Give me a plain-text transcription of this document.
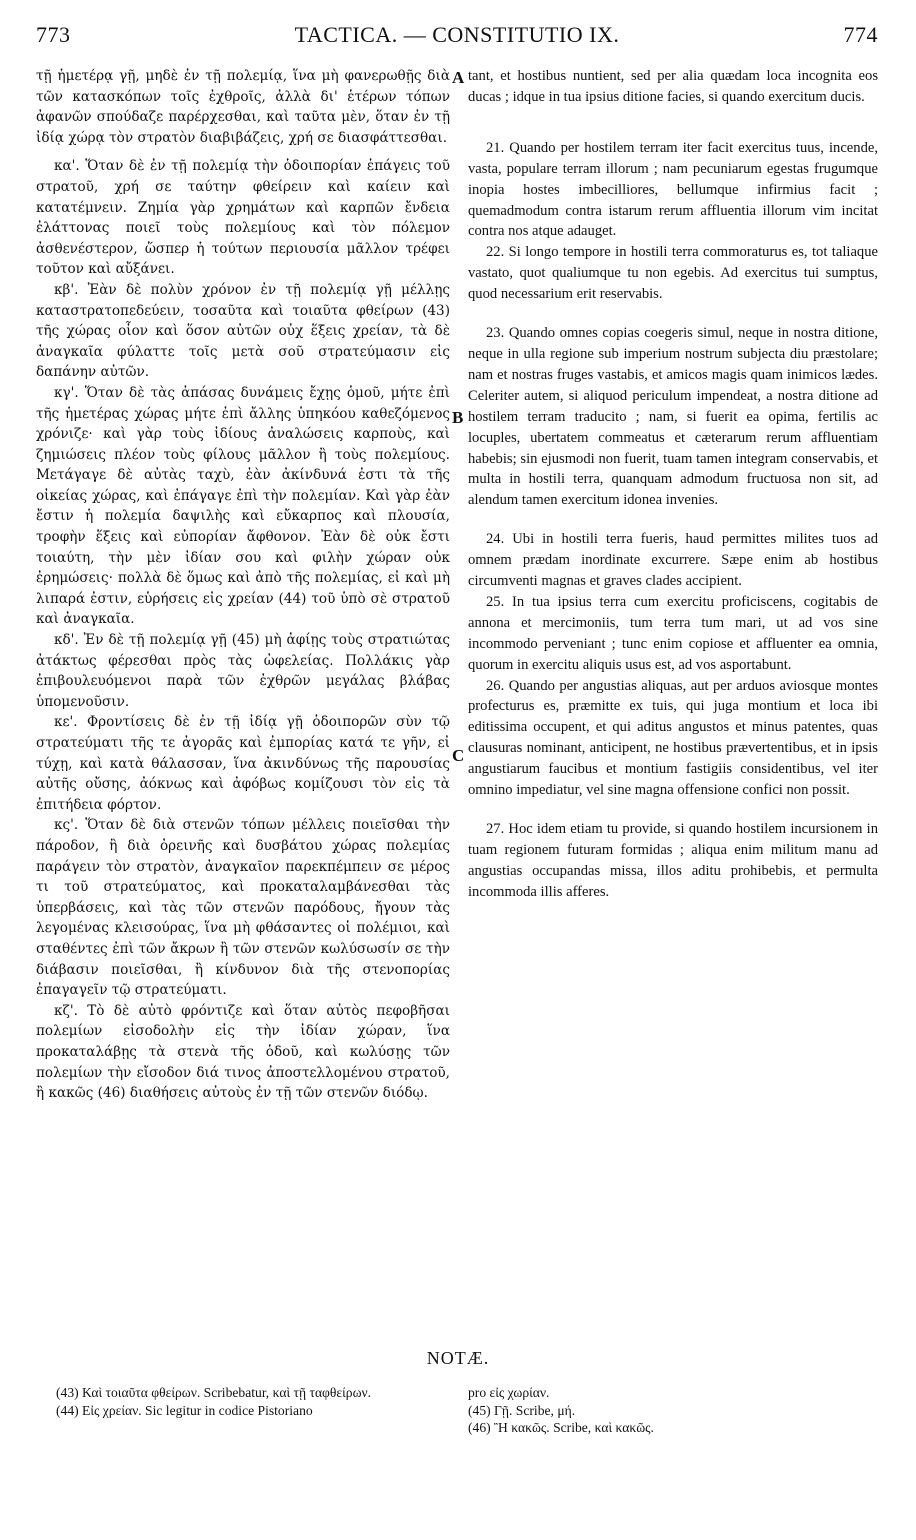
773	TACTICA. — CONSTITUTIO IX.	774
A
B
C

τῇ ἡμετέρᾳ γῇ, μηδὲ ἐν τῇ πολεμίᾳ, ἵνα μὴ φανερωθῇς διὰ τῶν κατασκόπων τοῖς ἐχθροῖς, ἀλλὰ δι' ἑτέρων τόπων ἀφανῶν σπούδαζε παρέρχεσθαι, καὶ ταῦτα μὲν, ὅταν ἐν τῇ ἰδίᾳ χώρᾳ τὸν στρατὸν διαβιβάζεις, χρή σε διασφάττεσθαι.

κα'. Ὅταν δὲ ἐν τῇ πολεμίᾳ τὴν ὁδοιπορίαν ἐπάγεις τοῦ στρατοῦ, χρή σε ταύτην φθείρειν καὶ καίειν καὶ κατατέμνειν. Ζημία γὰρ χρημάτων καὶ καρπῶν ἔνδεια ἐλάττονας ποιεῖ τοὺς πολεμίους καὶ τὸν πόλεμον ἀσθενέστερον, ὥσπερ ἡ τούτων περιουσία μᾶλλον τρέφει τοῦτον καὶ αὔξάνει.

κβ'. Ἐὰν δὲ πολὺν χρόνον ἐν τῇ πολεμίᾳ γῇ μέλλῃς καταστρατοπεδεύειν, τοσαῦτα καὶ τοιαῦτα φθείρων (43) τῆς χώρας οἷον καὶ ὅσον αὐτῶν οὐχ ἕξεις χρείαν, τὰ δὲ ἀναγκαῖα φύλαττε τοῖς μετὰ σοῦ στρατεύμασιν εἰς δαπάνην αὐτῶν.

κγ'. Ὅταν δὲ τὰς ἁπάσας δυνάμεις ἔχῃς ὁμοῦ, μήτε ἐπὶ τῆς ἡμετέρας χώρας μήτε ἐπὶ ἄλλης ὑπηκόου καθεζόμενος χρόνιζε· καὶ γὰρ τοὺς ἰδίους ἀναλώσεις καρποὺς, καὶ ζημιώσεις πλέον τοὺς φίλους μᾶλλον ἢ τοὺς πολεμίους. Μετάγαγε δὲ αὐτὰς ταχὺ, ἐὰν ἀκίνδυνά ἐστι τὰ τῆς οἰκείας χώρας, καὶ ἐπάγαγε ἐπὶ τὴν πολεμίαν. Καὶ γὰρ ἐὰν ἔστιν ἡ πολεμία δαψιλὴς καὶ εὔκαρπος καὶ πλουσία, τροφὴν ἕξεις καὶ εὐπορίαν ἄφθονον. Ἐὰν δὲ οὐκ ἔστι τοιαύτη, τὴν μὲν ἰδίαν σου καὶ φιλὴν χώραν οὐκ ἐρημώσεις· πολλὰ δὲ ὅμως καὶ ἀπὸ τῆς πολεμίας, εἰ καὶ μὴ λιπαρά ἐστιν, εὑρήσεις εἰς χρείαν (44) τοῦ ὑπὸ σὲ στρατοῦ καὶ ἀναγκαῖα.

κδ'. Ἐν δὲ τῇ πολεμίᾳ γῇ (45) μὴ ἀφίῃς τοὺς στρατιώτας ἀτάκτως φέρεσθαι πρὸς τὰς ὠφελείας. Πολλάκις γὰρ ἐπιβουλευόμενοι παρὰ τῶν ἐχθρῶν μεγάλας βλάβας ὑπομενοῦσιν.

κε'. Φροντίσεις δὲ ἐν τῇ ἰδίᾳ γῇ ὁδοιπορῶν σὺν τῷ στρατεύματι τῆς τε ἀγορᾶς καὶ ἐμπορίας κατά τε γῆν, εἰ τύχῃ, καὶ κατὰ θάλασσαν, ἵνα ἀκινδύνως τῆς παρουσίας αὐτῆς οὔσης, ἀόκνως καὶ ἀφόβως κομίζουσι τὸν εἰς τὰ ἐπιτήδεια φόρτον.

κς'. Ὅταν δὲ διὰ στενῶν τόπων μέλλεις ποιεῖσθαι τὴν πάροδον, ἢ διὰ ὀρεινῆς καὶ δυσβάτου χώρας πολεμίας παράγειν τὸν στρατὸν, ἀναγκαῖον παρεκπέμπειν σε μέρος τι τοῦ στρατεύματος, καὶ προκαταλαμβάνεσθαι τὰς ὑπερβάσεις, καὶ τὰς τῶν στενῶν παρόδους, ἤγουν τὰς λεγομένας κλεισούρας, ἵνα μὴ φθάσαντες οἱ πολέμιοι, καὶ σταθέντες ἐπὶ τῶν ἄκρων ἢ τῶν στενῶν κωλύσωσίν σε τὴν διάβασιν ποιεῖσθαι, ἢ κίνδυνον διὰ τῆς στενοπορίας ἐπαγαγεῖν τῷ στρατεύματι.

κζ'. Τὸ δὲ αὐτὸ φρόντιζε καὶ ὅταν αὐτὸς πεφοβῆσαι πολεμίων εἰσοδολὴν εἰς τὴν ἰδίαν χώραν, ἵνα προκαταλάβῃς τὰ στενὰ τῆς ὁδοῦ, καὶ κωλύσῃς τῶν πολεμίων τὴν εἴσοδον διά τινος ἀποστελλομένου στρατοῦ, ἢ κακῶς (46) διαθήσεις αὐτοὺς ἐν τῇ τῶν στενῶν διόδῳ.

tant, et hostibus nuntient, sed per alia quædam loca incognita eos ducas ; idque in tua ipsius ditione facies, si quando exercitum ducis.

21. Quando per hostilem terram iter facit exercitus tuus, incende, vasta, populare terram illorum ; nam pecuniarum egestas frugumque inopia hostes imbecilliores, bellumque infirmius facit ; quemadmodum contra istarum rerum affluentia illorum vim incitat contra nos atque adauget.

22. Si longo tempore in hostili terra commoraturus es, tot taliaque vastato, quot qualiumque tu non egebis. Ad exercitus tui sumptus, quod necessarium erit reservabis.

23. Quando omnes copias coegeris simul, neque in nostra ditione, neque in ulla regione sub imperium nostrum subjecta diu præstolare; nam et nostras fruges vastabis, et amicos magis quam inimicos lædes. Celeriter autem, si aliquod periculum impendeat, a nostra ditione ad hostilem terram traducito ; nam, si fuerit ea opima, fertilis ac locuples, ubertatem commeatus et cæterarum rerum affluentiam habebis; sin ejusmodi non fuerit, tuam tamen integram conservabis, et multa in hostili terra, quanquam admodum fructuosa non sit, ad alendum tamen exercitum idonea invenies.

24. Ubi in hostili terra fueris, haud permittes milites tuos ad omnem prædam inordinate excurrere. Sæpe enim ab hostibus circumventi magnas et graves clades accipient.

25. In tua ipsius terra cum exercitu proficiscens, cogitabis de annona et mercimoniis, tum terra tum mari, ut ad vos sine incommodo perveniant ; tunc enim copiose et affluenter ea omnia, quorum in exercitu aliquis usus est, ad vos asportabunt.

26. Quando per angustias aliquas, aut per arduos aviosque montes profecturus es, præmitte ex tuis, qui juga montium et loca ibi editissima occupent, et qui aditus angustos et minus patentes, quas clausuras nominant, anticipent, ne hostibus prævertentibus, et in ipsis angustiarum faucibus et montium fastigiis considentibus, vel iter omnino impediatur, vel sine magna offensione confici non possit.

27. Hoc idem etiam tu provide, si quando hostilem incursionem in tuam regionem futuram formidas ; aliqua enim militum manu ad angustias occupandas missa, illos aditu prohibebis, et permulta incommoda illis afferes.

NOTÆ.

(43) Καὶ τοιαῦτα φθείρων. Scribebatur, καὶ τῇ ταφθείρων.

(44) Εἰς χρείαν. Sic legitur in codice Pistoriano

pro εἰς χωρίαν.

(45) Γῇ. Scribe, μή.

(46) Ἢ κακῶς. Scribe, καὶ κακῶς.
